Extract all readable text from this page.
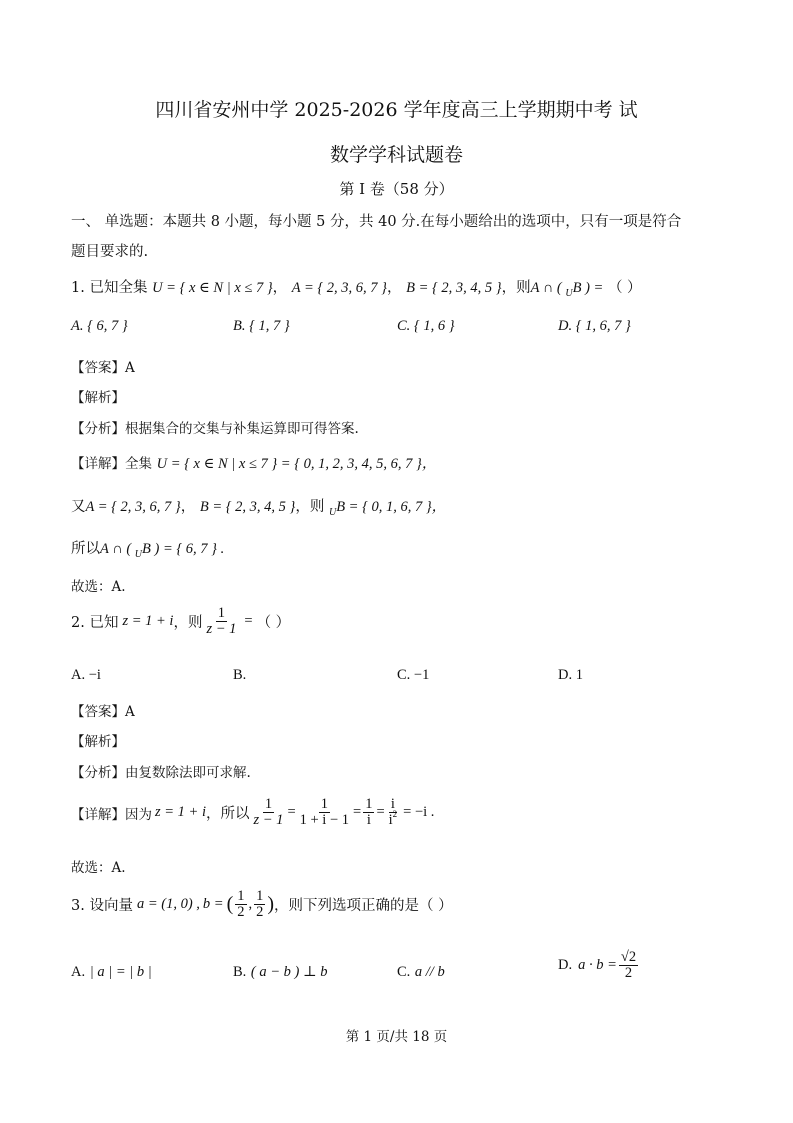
四川省安州中学 2025-2026 学年度高三上学期期中考 试
数学学科试题卷
第 I 卷（58 分）
一、 单选题：本题共 8 小题，每小题 5 分，共 40 分.在每小题给出的选项中，只有一项是符合
题目要求的.
1. 已知全集 U = { x ∈ N | x ≤ 7 }， A = { 2, 3, 6, 7 }， B = { 2, 3, 4, 5 }，则A ∩ ( $_U$B ) = （ ）
A. { 6, 7 }	B. { 1, 7 }	C. { 1, 6 }	D. { 1, 6, 7 }
【答案】A
【解析】
【分析】根据集合的交集与补集运算即可得答案.
【详解】全集 U = { x ∈ N | x ≤ 7 } = { 0, 1, 2, 3, 4, 5, 6, 7 }，
又A = { 2, 3, 6, 7 }， B = { 2, 3, 4, 5 }，则 $_U$B = { 0, 1, 6, 7 }，
所以A ∩ ( $_U$B ) = { 6, 7 } .
故选：A.
2. 已知 z = 1 + i ，则 $\frac{1}{z - 1}$ = （ ）
A. −i	B.	C. −1	D. 1
【答案】A
【解析】
【分析】由复数除法即可求解.
【详解】因为 z = 1 + i ，所以 $\frac{1}{z - 1} = \frac{1}{1 + i - 1} = \frac{1}{i} = \frac{i}{i^2} = -i$ .
故选：A.
3. 设向量 a = (1, 0) , b = ( $\frac{1}{2}$ , $\frac{1}{2}$ ) ，则下列选项正确的是（ ）
A. | a | = | b |	B. ( a − b ) ⊥ b	C. a // b	D. $a \cdot b = \frac{√2}{2}$
第 1 页/共 18 页
